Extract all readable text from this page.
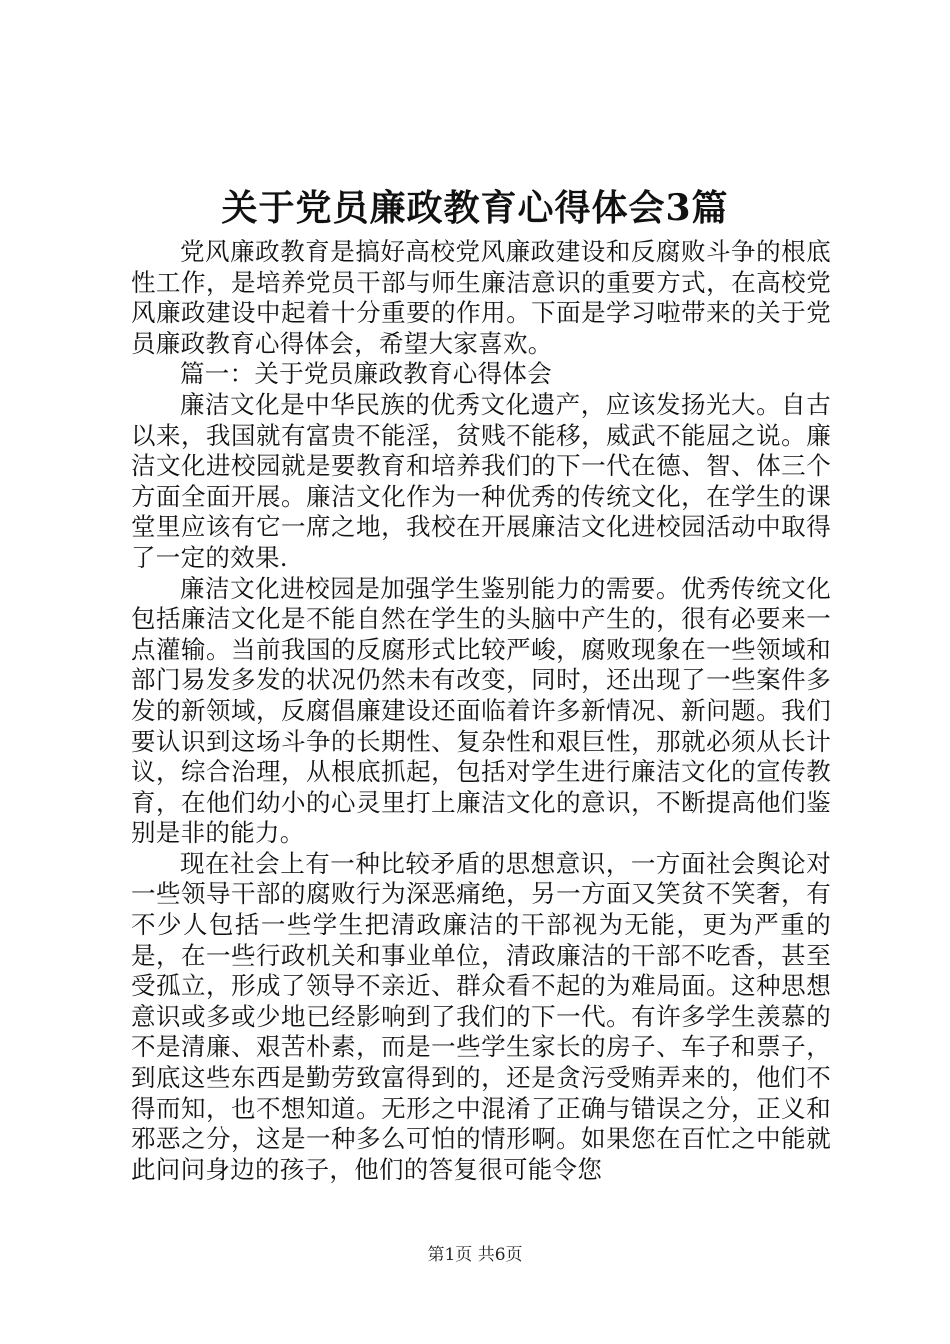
关于党员廉政教育心得体会3篇

党风廉政教育是搞好高校党风廉政建设和反腐败斗争的根底性工作，是培养党员干部与师生廉洁意识的重要方式，在高校党风廉政建设中起着十分重要的作用。下面是学习啦带来的关于党员廉政教育心得体会，希望大家喜欢。

篇一：关于党员廉政教育心得体会

廉洁文化是中华民族的优秀文化遗产，应该发扬光大。自古以来，我国就有富贵不能淫，贫贱不能移，威武不能屈之说。廉洁文化进校园就是要教育和培养我们的下一代在德、智、体三个方面全面开展。廉洁文化作为一种优秀的传统文化，在学生的课堂里应该有它一席之地，我校在开展廉洁文化进校园活动中取得了一定的效果.

廉洁文化进校园是加强学生鉴别能力的需要。优秀传统文化包括廉洁文化是不能自然在学生的头脑中产生的，很有必要来一点灌输。当前我国的反腐形式比较严峻，腐败现象在一些领域和部门易发多发的状况仍然未有改变，同时，还出现了一些案件多发的新领域，反腐倡廉建设还面临着许多新情况、新问题。我们要认识到这场斗争的长期性、复杂性和艰巨性，那就必须从长计议，综合治理，从根底抓起，包括对学生进行廉洁文化的宣传教育，在他们幼小的心灵里打上廉洁文化的意识，不断提高他们鉴别是非的能力。

现在社会上有一种比较矛盾的思想意识，一方面社会舆论对一些领导干部的腐败行为深恶痛绝，另一方面又笑贫不笑奢，有不少人包括一些学生把清政廉洁的干部视为无能，更为严重的是，在一些行政机关和事业单位，清政廉洁的干部不吃香，甚至受孤立，形成了领导不亲近、群众看不起的为难局面。这种思想意识或多或少地已经影响到了我们的下一代。有许多学生羡慕的不是清廉、艰苦朴素，而是一些学生家长的房子、车子和票子，到底这些东西是勤劳致富得到的，还是贪污受贿弄来的，他们不得而知，也不想知道。无形之中混淆了正确与错误之分，正义和邪恶之分，这是一种多么可怕的情形啊。如果您在百忙之中能就此问问身边的孩子，他们的答复很可能令您

第1页 共6页
